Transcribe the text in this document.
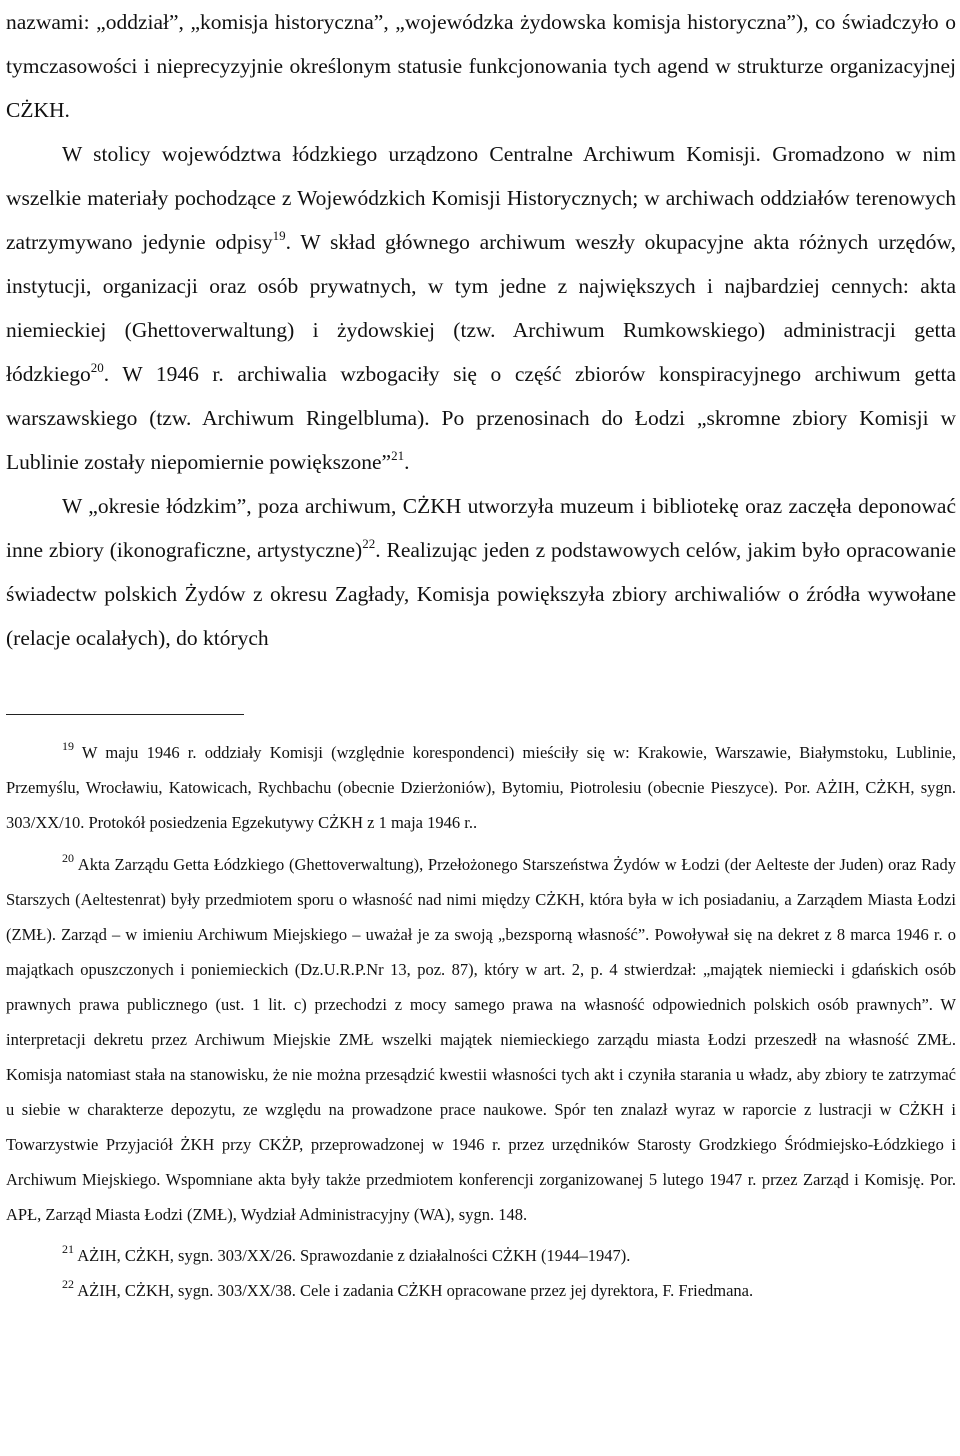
nazwami: „oddział”, „komisja historyczna”, „wojewódzka żydowska komisja historyczna”), co świadczyło o tymczasowości i nieprecyzyjnie określonym statusie funkcjonowania tych agend w strukturze organizacyjnej CŻKH.

W stolicy województwa łódzkiego urządzono Centralne Archiwum Komisji. Gromadzono w nim wszelkie materiały pochodzące z Wojewódzkich Komisji Historycznych; w archiwach oddziałów terenowych zatrzymywano jedynie odpisy$^{19}$. W skład głównego archiwum weszły okupacyjne akta różnych urzędów, instytucji, organizacji oraz osób prywatnych, w tym jedne z największych i najbardziej cennych: akta niemieckiej (Ghettoverwaltung) i żydowskiej (tzw. Archiwum Rumkowskiego) administracji getta łódzkiego$^{20}$. W 1946 r. archiwalia wzbogaciły się o część zbiorów konspiracyjnego archiwum getta warszawskiego (tzw. Archiwum Ringelbluma). Po przenosinach do Łodzi „skromne zbiory Komisji w Lublinie zostały niepomiernie powiększone”$^{21}$.

W „okresie łódzkim”, poza archiwum, CŻKH utworzyła muzeum i bibliotekę oraz zaczęła deponować inne zbiory (ikonograficzne, artystyczne)$^{22}$. Realizując jeden z podstawowych celów, jakim było opracowanie świadectw polskich Żydów z okresu Zagłady, Komisja powiększyła zbiory archiwaliów o źródła wywołane (relacje ocalałych), do których

$^{19}$ W maju 1946 r. oddziały Komisji (względnie korespondenci) mieściły się w: Krakowie, Warszawie, Białymstoku, Lublinie, Przemyślu, Wrocławiu, Katowicach, Rychbachu (obecnie Dzierżoniów), Bytomiu, Piotrolesiu (obecnie Pieszyce). Por. AŻIH, CŻKH, sygn. 303/XX/10. Protokół posiedzenia Egzekutywy CŻKH z 1 maja 1946 r..

$^{20}$ Akta Zarządu Getta Łódzkiego (Ghettoverwaltung), Przełożonego Starszeństwa Żydów w Łodzi (der Aelteste der Juden) oraz Rady Starszych (Aeltestenrat) były przedmiotem sporu o własność nad nimi między CŻKH, która była w ich posiadaniu, a Zarządem Miasta Łodzi (ZMŁ). Zarząd – w imieniu Archiwum Miejskiego – uważał je za swoją „bezsporną własność”. Powoływał się na dekret z 8 marca 1946 r. o majątkach opuszczonych i poniemieckich (Dz.U.R.P.Nr 13, poz. 87), który w art. 2, p. 4 stwierdzał: „majątek niemiecki i gdańskich osób prawnych prawa publicznego (ust. 1 lit. c) przechodzi z mocy samego prawa na własność odpowiednich polskich osób prawnych”. W interpretacji dekretu przez Archiwum Miejskie ZMŁ wszelki majątek niemieckiego zarządu miasta Łodzi przeszedł na własność ZMŁ. Komisja natomiast stała na stanowisku, że nie można przesądzić kwestii własności tych akt i czyniła starania u władz, aby zbiory te zatrzymać u siebie w charakterze depozytu, ze względu na prowadzone prace naukowe. Spór ten znalazł wyraz w raporcie z lustracji w CŻKH i Towarzystwie Przyjaciół ŻKH przy CKŻP, przeprowadzonej w 1946 r. przez urzędników Starosty Grodzkiego Śródmiejsko-Łódzkiego i Archiwum Miejskiego. Wspomniane akta były także przedmiotem konferencji zorganizowanej 5 lutego 1947 r. przez Zarząd i Komisję. Por. APŁ, Zarząd Miasta Łodzi (ZMŁ), Wydział Administracyjny (WA), sygn. 148.

$^{21}$ AŻIH, CŻKH, sygn. 303/XX/26. Sprawozdanie z działalności CŻKH (1944–1947).

$^{22}$ AŻIH, CŻKH, sygn. 303/XX/38. Cele i zadania CŻKH opracowane przez jej dyrektora, F. Friedmana.
